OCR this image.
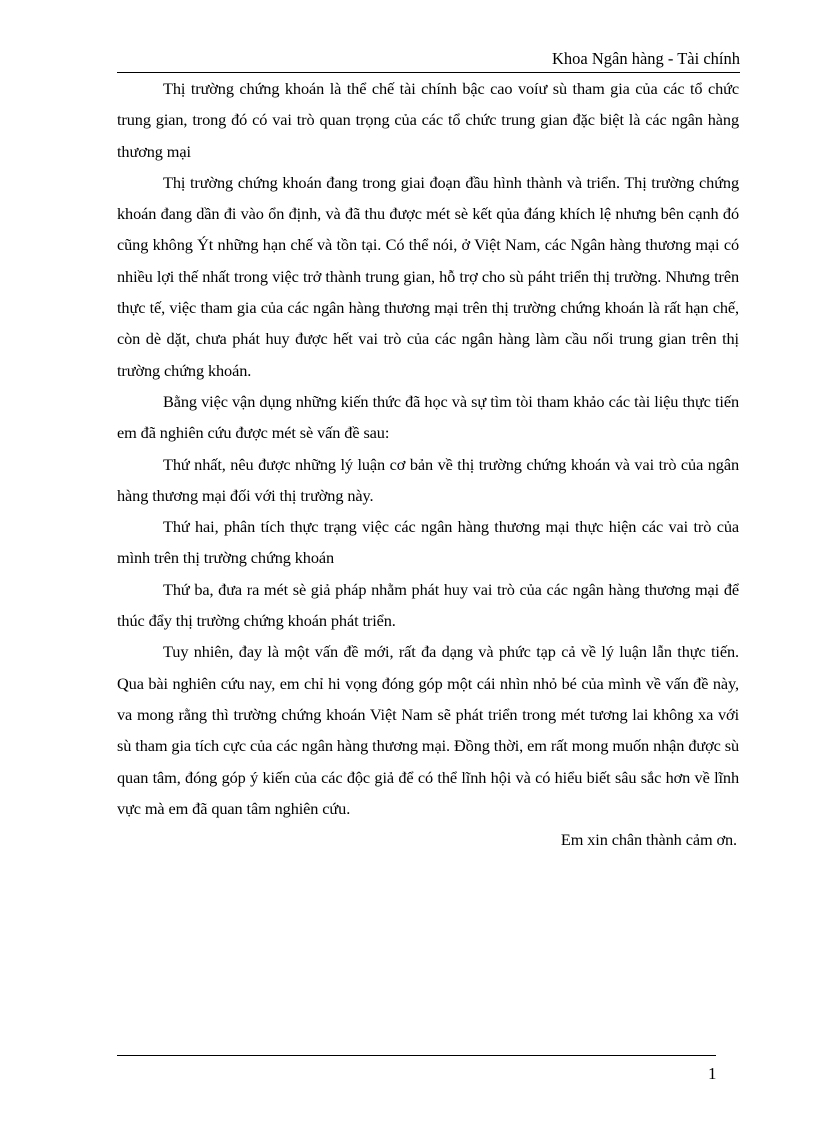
Khoa Ngân hàng - Tài chính

Thị trường chứng khoán là thể chế tài chính bậc cao voíư sù tham gia của các tổ chức trung gian, trong đó có vai trò quan trọng của các tổ chức trung gian đặc biệt là các ngân hàng thương mại

Thị trường chứng khoán đang trong giai đoạn đầu hình thành và triển. Thị trường chứng khoán đang dần đi vào ổn định, và đã thu được mét sè kết qủa đáng khích lệ nhưng bên cạnh đó cũng không Ýt những hạn chế và tồn tại. Có thể nói, ở Việt Nam, các Ngân hàng thương mại có nhiều lợi thế nhất trong việc trở thành trung gian, hỗ trợ cho sù páht triển thị trường. Nhưng trên thực tế, việc tham gia của các ngân hàng thương mại trên thị trường chứng khoán là rất hạn chế, còn dè dặt, chưa phát huy được hết vai trò của các ngân hàng làm cầu nối trung gian trên thị trường chứng khoán.

Bằng việc vận dụng những kiến thức đã học và sự tìm tòi tham khảo các tài liệu thực tiến em đã nghiên cứu được mét sè vấn đề sau:

Thứ nhất, nêu được những lý luận cơ bản về thị trường chứng khoán và vai trò của ngân hàng thương mại đối với thị trường này.

Thứ hai, phân tích thực trạng việc các ngân hàng thương mại thực hiện các vai trò của mình trên thị trường chứng khoán

Thứ ba, đưa ra mét sè giả pháp nhằm phát huy vai trò của các ngân hàng thương mại để thúc đẩy thị trường chứng khoán phát triển.

Tuy nhiên, đay là một vấn đề mới, rất đa dạng và phức tạp cả về lý luận lẫn thực tiến. Qua bài nghiên cứu nay, em chỉ hi vọng đóng góp một cái nhìn nhỏ bé của mình về vấn đề này, va mong rằng thì trường chứng khoán Việt Nam sẽ phát triển trong mét tương lai không xa với sù tham gia tích cực của các ngân hàng thương mại. Đồng thời, em rất mong muốn nhận được sù quan tâm, đóng góp ý kiến của các độc giả để có thể lĩnh hội và có hiểu biết sâu sắc hơn về lĩnh vực mà em đã quan tâm nghiên cứu.

Em xin chân thành cảm ơn.

1
